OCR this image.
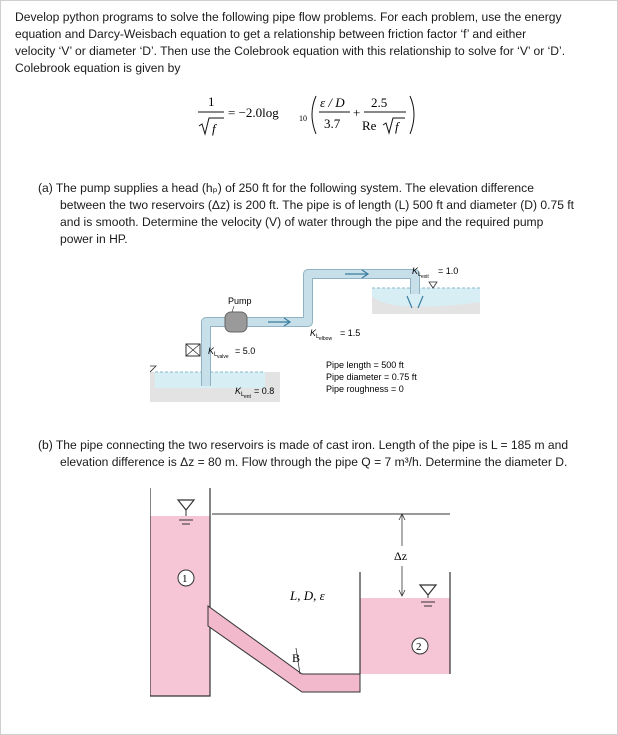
Develop python programs to solve the following pipe flow problems. For each problem, use the energy
equation and Darcy-Weisbach equation to get a relationship between friction factor ‘f’ and either
velocity ‘V’ or diameter ‘D’. Then use the Colebrook equation with this relationship to solve for ‘V’ or ‘D’.
Colebrook equation is given by
1
f
= −2.0log	10
ε / D
3.7
+
2.5
Re f
(a) The pump supplies a head (hₚ) of 250 ft for the following system. The elevation difference
between the two reservoirs (Δz) is 200 ft. The pipe is of length (L) 500 ft and diameter (D) 0.75 ft
and is smooth. Determine the velocity (V) of water through the pipe and the required pump
power in HP.
Pump
K L valve
= 5.0
K L ent
= 0.8
K L elbow
= 1.5
K L exit
= 1.0
Pipe length = 500 ft
Pipe diameter = 0.75 ft
Pipe roughness = 0
(b) The pipe connecting the two reservoirs is made of cast iron. Length of the pipe is L = 185 m and
elevation difference is Δz = 80 m. Flow through the pipe Q = 7 m³/h. Determine the diameter D.
1
L, D, ε
B
2
Δz
